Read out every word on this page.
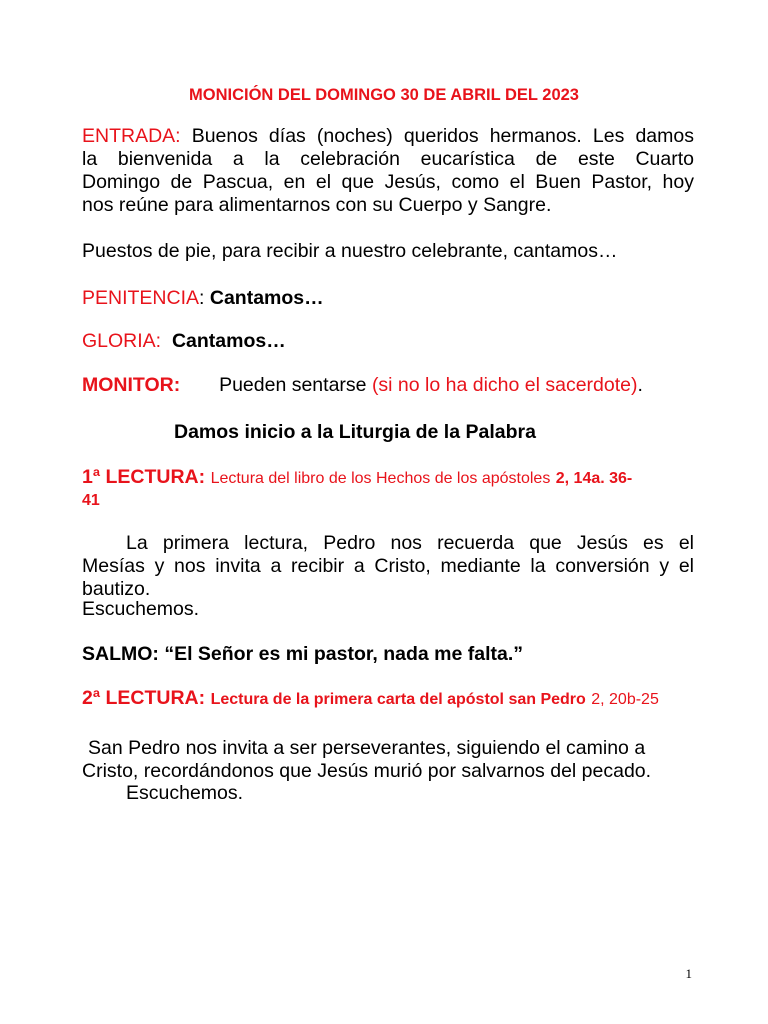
MONICIÓN DEL DOMINGO 30 DE ABRIL DEL 2023
ENTRADA: Buenos días (noches) queridos hermanos. Les damos
la bienvenida a la celebración eucarística de este Cuarto
Domingo de Pascua, en el que Jesús, como el Buen Pastor, hoy
nos reúne para alimentarnos con su Cuerpo y Sangre.
Puestos de pie, para recibir a nuestro celebrante, cantamos…
PENITENCIA: Cantamos…
GLORIA: Cantamos…
MONITOR: Pueden sentarse (si no lo ha dicho el sacerdote).
Damos inicio a la Liturgia de la Palabra
1ª LECTURA: Lectura del libro de los Hechos de los apóstoles 2, 14a. 36-
41
La primera lectura, Pedro nos recuerda que Jesús es el
Mesías y nos invita a recibir a Cristo, mediante la conversión y el
bautizo.
Escuchemos.
SALMO: “El Señor es mi pastor, nada me falta.”
2ª LECTURA: Lectura de la primera carta del apóstol san Pedro 2, 20b-25
San Pedro nos invita a ser perseverantes, siguiendo el camino a
Cristo, recordándonos que Jesús murió por salvarnos del pecado.
Escuchemos.
1
